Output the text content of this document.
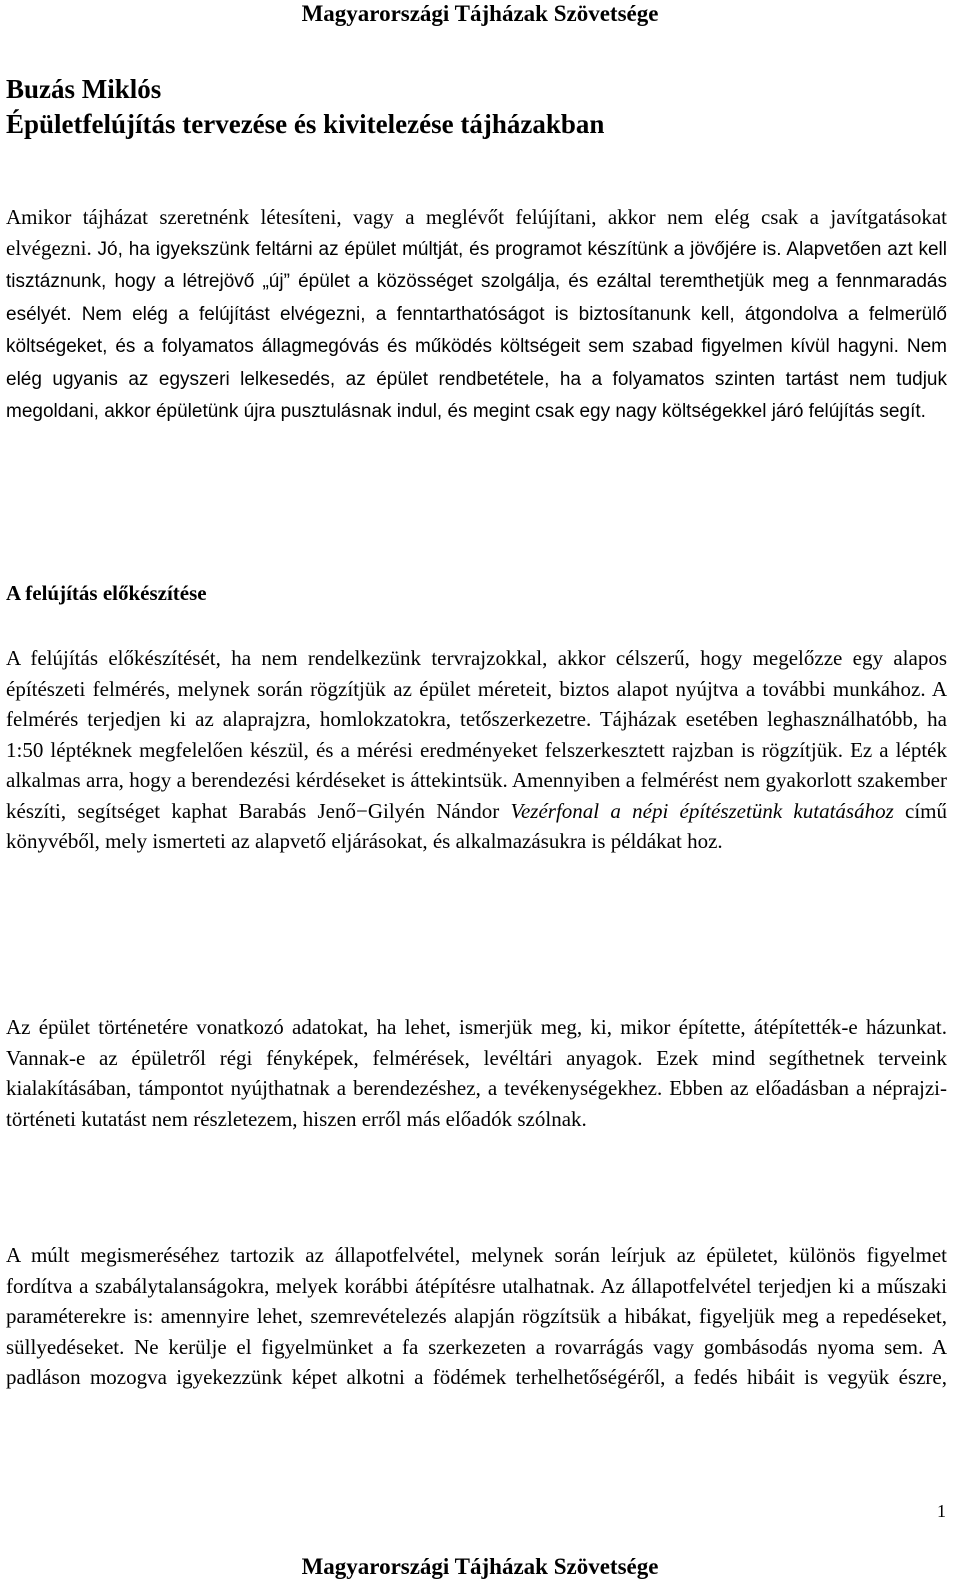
Magyarországi Tájházak Szövetsége
Buzás Miklós
Épületfelújítás tervezése és kivitelezése tájházakban

Amikor tájházat szeretnénk létesíteni, vagy a meglévőt felújítani, akkor nem elég csak a javítgatásokat elvégezni. Jó, ha igyekszünk feltárni az épület múltját, és programot készítünk a jövőjére is. Alapvetően azt kell tisztáznunk, hogy a létrejövő „új” épület a közösséget szolgálja, és ezáltal teremthetjük meg a fennmaradás esélyét. Nem elég a felújítást elvégezni, a fenntarthatóságot is biztosítanunk kell, átgondolva a felmerülő költségeket, és a folyamatos állagmegóvás és működés költségeit sem szabad figyelmen kívül hagyni. Nem elég ugyanis az egyszeri lelkesedés, az épület rendbetétele, ha a folyamatos szinten tartást nem tudjuk megoldani, akkor épületünk újra pusztulásnak indul, és megint csak egy nagy költségekkel járó felújítás segít.

A felújítás előkészítése

A felújítás előkészítését, ha nem rendelkezünk tervrajzokkal, akkor célszerű, hogy megelőzze egy alapos építészeti felmérés, melynek során rögzítjük az épület méreteit, biztos alapot nyújtva a további munkához. A felmérés terjedjen ki az alaprajzra, homlokzatokra, tetőszerkezetre. Tájházak esetében leghasználhatóbb, ha 1:50 léptéknek megfelelően készül, és a mérési eredményeket felszerkesztett rajzban is rögzítjük. Ez a lépték alkalmas arra, hogy a berendezési kérdéseket is áttekintsük. Amennyiben a felmérést nem gyakorlott szakember készíti, segítséget kaphat Barabás Jenő−Gilyén Nándor Vezérfonal a népi építészetünk kutatásához című könyvéből, mely ismerteti az alapvető eljárásokat, és alkalmazásukra is példákat hoz.

Az épület történetére vonatkozó adatokat, ha lehet, ismerjük meg, ki, mikor építette, átépítették-e házunkat. Vannak-e az épületről régi fényképek, felmérések, levéltári anyagok. Ezek mind segíthetnek terveink kialakításában, támpontot nyújthatnak a berendezéshez, a tevékenységekhez. Ebben az előadásban a néprajzi- történeti kutatást nem részletezem, hiszen erről más előadók szólnak.

A múlt megismeréséhez tartozik az állapotfelvétel, melynek során leírjuk az épületet, különös figyelmet fordítva a szabálytalanságokra, melyek korábbi átépítésre utalhatnak. Az állapotfelvétel terjedjen ki a műszaki paraméterekre is: amennyire lehet, szemrevételezés alapján rögzítsük a hibákat, figyeljük meg a repedéseket, süllyedéseket. Ne kerülje el figyelmünket a fa szerkezeten a rovarrágás vagy gombásodás nyoma sem. A padláson mozogva igyekezzünk képet alkotni a födémek terhelhetőségéről, a fedés hibáit is vegyük észre,

1
Magyarországi Tájházak Szövetsége
